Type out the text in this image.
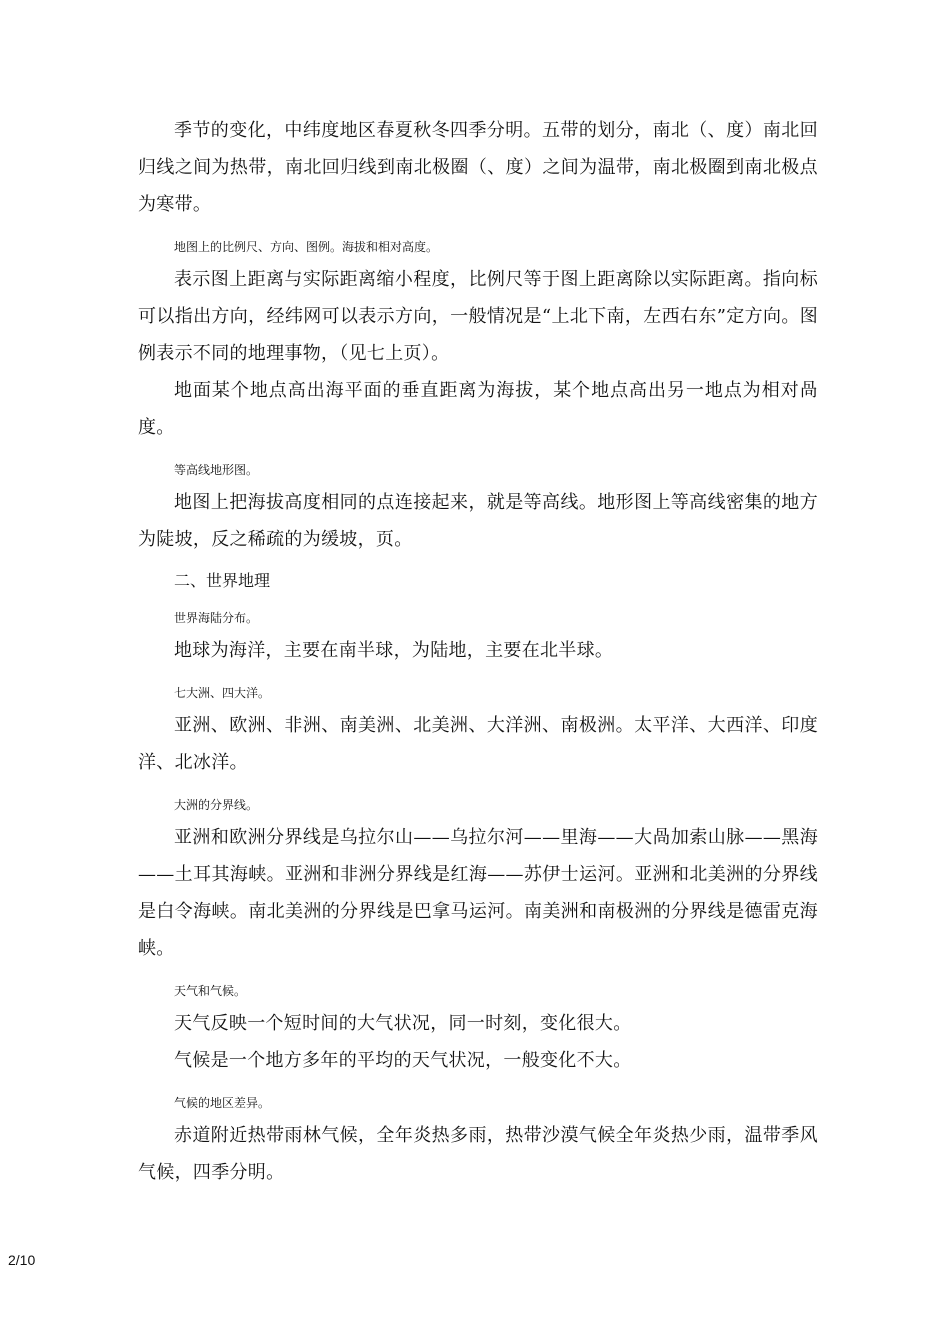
季节的变化，中纬度地区春夏秋冬四季分明。五带的划分，南北（、度）南北回归线之间为热带，南北回归线到南北极圈（、度）之间为温带，南北极圈到南北极点为寒带。

地图上的比例尺、方向、图例。海拔和相对高度。

表示图上距离与实际距离缩小程度，比例尺等于图上距离除以实际距离。指向标可以指出方向，经纬网可以表示方向，一般情况是“上北下南，左西右东”定方向。图例表示不同的地理事物，（见七上页）。

地面某个地点高出海平面的垂直距离为海拔，某个地点高出另一地点为相对咼度。

等高线地形图。

地图上把海拔高度相同的点连接起来，就是等高线。地形图上等高线密集的地方为陡坡，反之稀疏的为缓坡，页。

二、世界地理

世界海陆分布。

地球为海洋，主要在南半球，为陆地，主要在北半球。

七大洲、四大洋。

亚洲、欧洲、非洲、南美洲、北美洲、大洋洲、南极洲。太平洋、大西洋、印度洋、北冰洋。

大洲的分界线。

亚洲和欧洲分界线是乌拉尔山——乌拉尔河——里海——大咼加索山脉——黑海——土耳其海峡。亚洲和非洲分界线是红海——苏伊士运河。亚洲和北美洲的分界线是白令海峡。南北美洲的分界线是巴拿马运河。南美洲和南极洲的分界线是德雷克海峡。

天气和气候。

天气反映一个短时间的大气状况，同一时刻，变化很大。

气候是一个地方多年的平均的天气状况，一般变化不大。

气候的地区差异。

赤道附近热带雨林气候，全年炎热多雨，热带沙漠气候全年炎热少雨，温带季风气候，四季分明。

2/10
